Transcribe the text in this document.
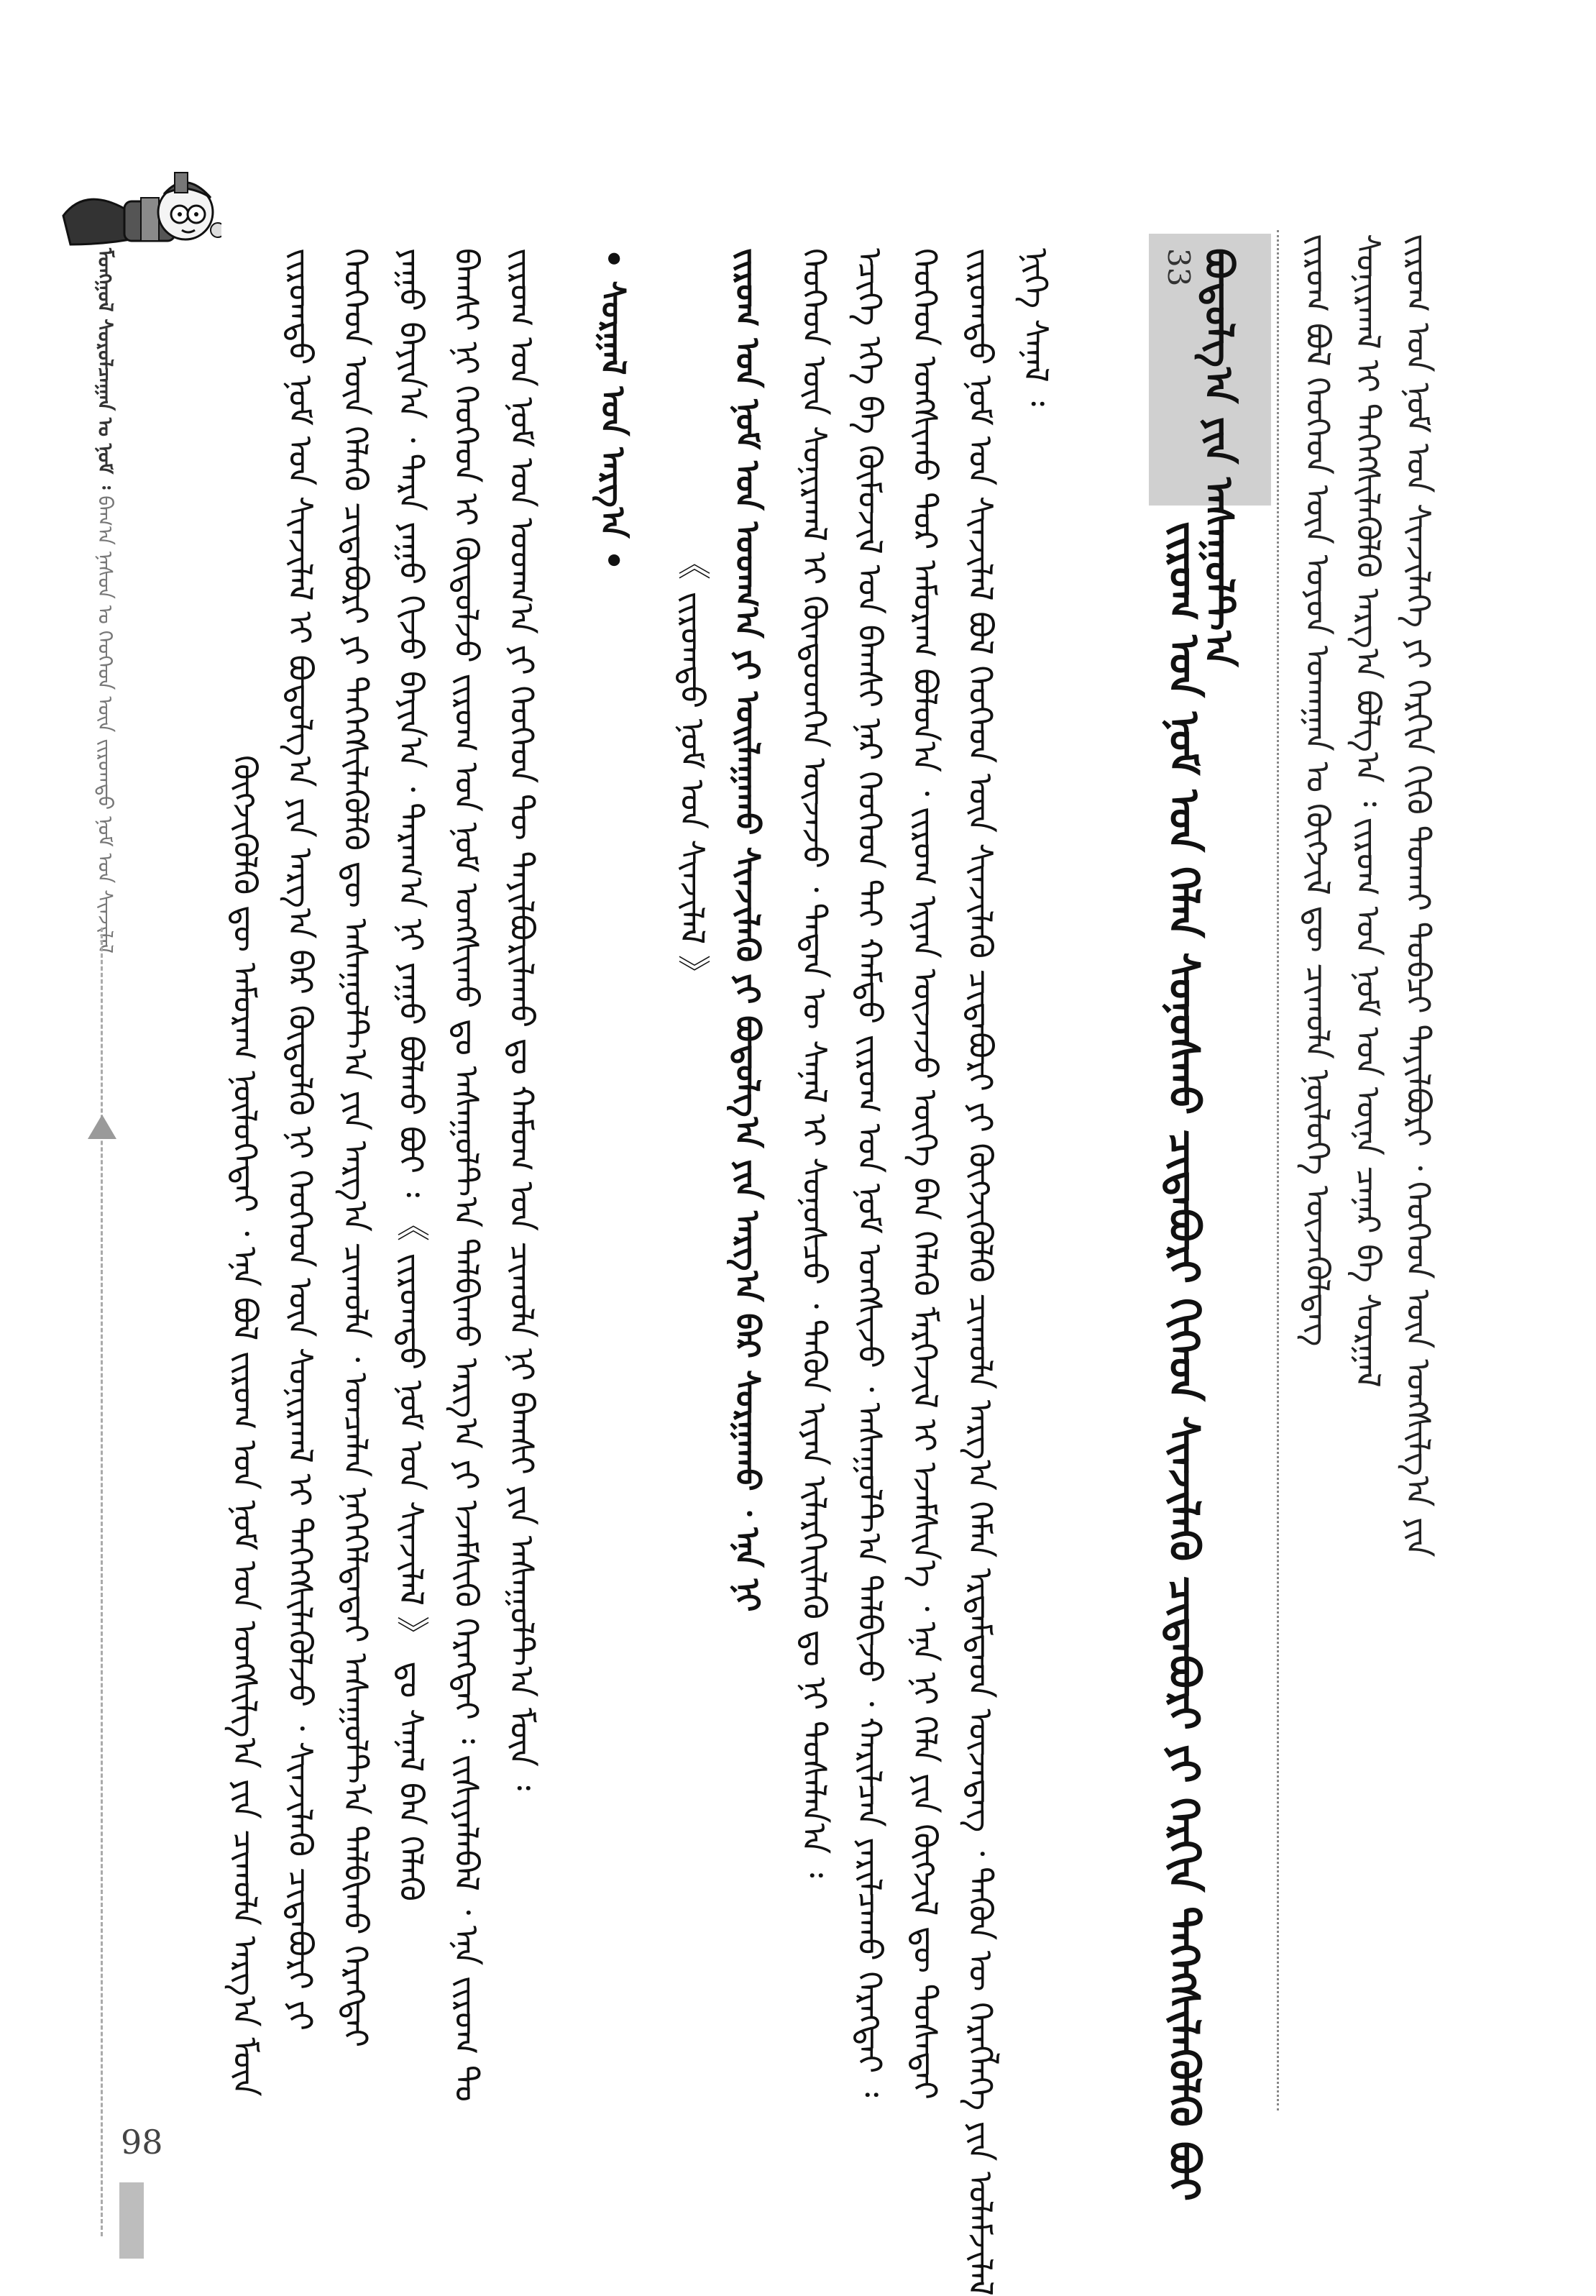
ᠮᠣᠩᠭᠣᠯ ᠰᠤᠷᠤᠯᠴᠠᠭᠠᠨ ᠤ ᠨᠣᠮ ᠄ ᠪᠠᠭ᠎ᠠ ᠨᠠᠰᠤᠨ ᠤ ᠬᠡᠦᠬᠡᠳ ᠦᠨ ᠵᠢᠷᠤᠭᠲᠤ ᠨᠣᠮ ᠤᠨ ᠰᠢᠨᠵᠢᠯᠡᠯ
98
ᠬᠥᠭᠵᠢᠭᠦᠯᠬᠦ ᠳᠦ ᠠᠮᠤᠷᠠᠭ ᠨᠥᠯᠦᠭᠡᠲᠡᠢ ᠂ ᠡᠨᠡ ᠪᠣᠯ ᠵᠢᠷᠤᠭ ᠤᠨ ᠨᠣᠮ ᠤᠨ ᠤᠩᠰᠢᠯᠭ᠎ᠠ ᠶᠢᠨ ᠴᠢᠬᠤᠯᠠ ᠠᠷᠭ᠎ᠠ ᠮᠥᠨ ᠵᠢᠷᠤᠭᠲᠤ ᠨᠣᠮ ᠤᠨ ᠰᠢᠨᠵᠢᠯᠡᠯ ᠢ ᠪᠣᠳᠤᠯᠭ᠎ᠠ ᠶᠢᠨ ᠠᠷᠭ᠎ᠠ ᠪᠠᠷ ᠬᠥᠲᠦᠯᠬᠦ ᠨᠢ ᠬᠡᠦᠬᠡᠳ ᠦᠨ ᠰᠣᠨᠢᠷᠬᠠᠯ ᠢ ᠳᠡᠭᠡᠭᠰᠢᠯᠡᠭᠦᠯᠵᠦ ᠂ ᠰᠢᠨᠵᠢᠯᠡᠬᠦ ᠴᠢᠳᠠᠪᠤᠷᠢ ᠶᠢ ᠬᠡᠦᠬᠡᠳ ᠦᠨ ᠬᠡᠯᠡᠬᠦ ᠴᠢᠳᠠᠪᠤᠷᠢ ᠶᠢ ᠳᠡᠭᠡᠭᠰᠢᠯᠡᠭᠦᠯᠬᠦ ᠳᠦ ᠠᠰᠠᠭᠤᠯᠲ᠎ᠠ ᠶᠢᠨ ᠠᠷᠭ᠎ᠠ ᠴᠢᠬᠤᠯᠠ ᠂ ᠣᠨᠴᠠᠯᠠᠨ ᠨᠡᠭᠡᠭᠡᠯᠲᠡᠲᠡᠢ ᠠᠰᠠᠭᠤᠯᠲ᠎ᠠ ᠲᠠᠯᠪᠢᠬᠤ ᠬᠡᠷᠡᠭᠲᠡᠢ ᠶᠠᠭᠤ ᠪᠠᠶᠢᠨ᠎ᠠ ᠂ ᠲᠡᠷᠡ ᠶᠠᠭᠤ ᠬᠢᠵᠤ ᠪᠠᠶᠢᠨ᠎ᠠ ᠂ ᠳᠠᠷᠠᠭ᠎ᠠ ᠨᠢ ᠶᠠᠭᠤ ᠪᠣᠯᠬᠤ ᠪᠤᠢ ᠄ 《 ᠵᠢᠷᠤᠭᠲᠤ ᠨᠣᠮ ᠤᠨ ᠰᠢᠨᠵᠢᠯᠡᠯ 》 ᠳᠤ ᠰᠠᠨᠠᠯ ᠪᠠᠨ ᠬᠡᠯᠡᠬᠦ ᠪᠠᠭᠰᠢ ᠨᠢ ᠬᠡᠦᠬᠡᠳ ᠢ ᠬᠥᠲᠦᠯᠵᠦ ᠵᠢᠷᠤᠭ ᠤᠨ ᠨᠣᠮ ᠤᠩᠰᠢᠬᠤ ᠳᠤ ᠠᠰᠠᠭᠤᠯᠲ᠎ᠠ ᠲᠠᠯᠪᠢᠬᠤ ᠠᠷᠭ᠎ᠠ ᠶᠢ ᠡᠵᠡᠮᠰᠢᠬᠦ ᠬᠡᠷᠡᠭᠲᠡᠢ ᠄ ᠵᠢᠱᠢᠶᠡᠯᠡᠪᠡᠯ ᠂ ᠡᠨᠡ ᠵᠢᠷᠤᠭ ᠲᠤ ᠵᠢᠷᠤᠭ ᠤᠨ ᠨᠣᠮ ᠤᠨ ᠤᠳᠬ᠎ᠠ ᠶᠢ ᠬᠡᠦᠬᠡᠳ ᠲᠦ ᠲᠠᠶᠢᠯᠪᠤᠷᠢᠯᠠᠬᠤ ᠳᠤ ᠬᠠᠮᠤᠭ ᠤᠨ ᠴᠢᠬᠤᠯᠠ ᠨᠢ ᠪᠠᠭᠰᠢ ᠶᠢᠨ ᠠᠰᠠᠭᠤᠯᠲ᠎ᠠ ᠮᠥᠨ ᠄ • ᠰᠤᠷᠭᠠᠯ ᠤᠨ ᠠᠷᠭ᠎ᠠ •
《 ᠵᠢᠷᠤᠭᠲᠤ ᠨᠣᠮ ᠤᠨ ᠰᠢᠨᠵᠢᠯᠡᠯ 》 ᠵᠢᠷᠤᠭ ᠤᠨ ᠨᠣᠮ ᠤᠨ ᠤᠳᠬ᠎ᠠ ᠶᠢ ᠣᠢᠯᠠᠭᠠᠬᠤ ᠰᠢᠨᠵᠢᠯᠡᠬᠦ ᠶᠢ ᠪᠣᠳᠤᠯᠭ᠎ᠠ ᠶᠢᠨ ᠠᠷᠭ᠎ᠠ ᠪᠠᠷ ᠰᠤᠷᠭᠠᠬᠤ ᠂ ᠡᠨᠡ ᠨᠢ ᠬᠡᠦᠬᠡᠳ ᠦᠨ ᠰᠣᠨᠢᠷᠬᠠᠯ ᠢ ᠬᠦᠨᠳᠦᠳᠬᠡᠨ ᠦᠵᠡᠵᠦ ᠂ ᠲᠡᠳᠡᠨ ᠦ ᠰᠠᠨᠠᠯ ᠢ ᠰᠣᠨᠤᠰᠴᠤ ᠂ ᠲᠡᠭᠦᠨ ᠢᠶᠡᠨ ᠢᠯᠡᠷᠬᠡᠢᠯᠡᠬᠦ ᠳᠤ ᠨᠢ ᠲᠤᠰᠠᠯᠠᠨ᠎ᠠ ᠄ ᠡᠴᠢᠭᠡ ᠡᠬᠡ ᠪᠠ ᠬᠦᠮᠦᠵᠢᠯ ᠤᠨ ᠪᠠᠭᠰᠢ ᠨᠠᠷ ᠬᠡᠦᠬᠡᠳ ᠲᠡᠢ ᠬᠠᠮᠲᠤ ᠵᠢᠷᠤᠭ ᠤᠨ ᠨᠣᠮ ᠤᠩᠰᠢᠵᠤ ᠂ ᠠᠰᠠᠭᠤᠯᠲ᠎ᠠ ᠲᠠᠯᠪᠢᠵᠤ ᠂ ᠬᠠᠷᠢᠯᠴᠠᠨ ᠶᠠᠷᠢᠯᠴᠠᠬᠤ ᠬᠡᠷᠡᠭᠲᠡᠢ ᠄ ᠬᠡᠦᠬᠡᠳ ᠤᠩᠰᠢᠬᠤ ᠳᠤᠷ ᠠᠮᠤᠷᠠᠭ ᠪᠣᠯᠤᠨ᠎ᠠ ᠂ ᠵᠢᠷᠤᠭ ᠢᠶᠠᠨ ᠦᠵᠡᠵᠦ ᠦᠭᠡ ᠪᠡᠨ ᠬᠡᠯᠡᠬᠦ ᠮᠡᠷᠭᠡᠵᠢᠯ ᠢ ᠡᠵᠡᠮᠰᠢᠨ᠎ᠡ ᠂ ᠡᠨᠡ ᠨᠢ ᠬᠡᠯᠡ ᠶᠢᠨ ᠬᠥᠭᠵᠢᠯ ᠳᠦ ᠲᠤᠰᠠᠲᠠᠢ ᠵᠢᠷᠤᠭᠲᠤ ᠨᠣᠮ ᠤᠨ ᠰᠢᠨᠵᠢᠯᠡᠯ ᠪᠣᠯ ᠬᠡᠦᠬᠡᠳ ᠦᠨ ᠰᠢᠨᠵᠢᠯᠡᠬᠦ ᠴᠢᠳᠠᠪᠤᠷᠢ ᠶᠢ ᠬᠥᠭᠵᠢᠭᠦᠯᠬᠦ ᠴᠢᠬᠤᠯᠠ ᠠᠷᠭ᠎ᠠ ᠬᠡᠮᠡᠨ ᠡᠷᠳᠡᠮᠲᠡᠳ ᠦᠵᠡᠳᠡᠭ ᠂ ᠲᠡᠭᠦᠨ ᠦ ᠬᠡᠷᠡᠭᠯᠡᠭᠡ ᠶᠢᠨ ᠤᠯᠠᠮᠵᠢᠯᠠᠯ ᠨᠢᠭᠡ ᠰᠠᠨᠠᠯ ᠄
ᠵᠢᠷᠤᠭ ᠤᠨ ᠨᠣᠮ ᠤᠨ ᠬᠡᠯᠡᠨ ᠰᠣᠨᠤᠰᠬᠤ ᠴᠢᠳᠠᠪᠤᠷᠢ ᠬᠢᠭᠡᠳ ᠰᠢᠨᠵᠢᠯᠡᠬᠦ ᠴᠢᠳᠠᠪᠤᠷᠢ ᠶᠢ ᠬᠡᠷᠬᠢᠨ ᠳᠡᠭᠡᠭᠰᠢᠯᠡᠭᠦᠯᠬᠦ ᠪᠤᠢ
33 ᠪᠣᠳᠣᠯᠭ᠎ᠠ ᠶᠢᠨ ᠠᠰᠠᠭᠤᠯᠲ᠎ᠠ ᠵᠢᠷᠤᠭ ᠪᠣᠯ ᠬᠡᠦᠬᠡᠳ ᠦᠨ ᠤᠶᠤᠨ ᠤᠬᠠᠭᠠᠨ ᠤ ᠬᠥᠭᠵᠢᠯ ᠳᠦ ᠴᠢᠬᠤᠯᠠ ᠨᠥᠯᠦᠭᠡ ᠦᠵᠡᠭᠦᠯᠳᠡᠭ ᠰᠣᠨᠢᠷᠬᠠᠯ ᠢ ᠳᠡᠭᠡᠭᠰᠢᠯᠡᠭᠦᠯᠬᠦ ᠠᠷᠭ᠎ᠠ ᠪᠣᠯᠭ᠎ᠠ ᠄ ᠵᠢᠷᠤᠭ ᠤᠨ ᠨᠣᠮ ᠤᠨ ᠦᠨᠡ ᠴᠡᠨᠡᠷ ᠪᠠ ᠰᠤᠷᠭᠠᠯ ᠵᠢᠷᠤᠭ ᠤᠨ ᠨᠣᠮ ᠤᠨ ᠰᠢᠨᠵᠢᠯᠡᠭᠡ ᠶᠢ ᠬᠡᠷᠬᠢᠨ ᠬᠢᠬᠦ ᠲᠤᠬᠠᠢ ᠲᠣᠪᠴᠢ ᠲᠠᠶᠢᠯᠪᠤᠷᠢ ᠂ ᠬᠡᠦᠬᠡᠳ ᠦᠨ ᠤᠩᠰᠢᠯᠭ᠎ᠠ ᠶᠢᠨ
